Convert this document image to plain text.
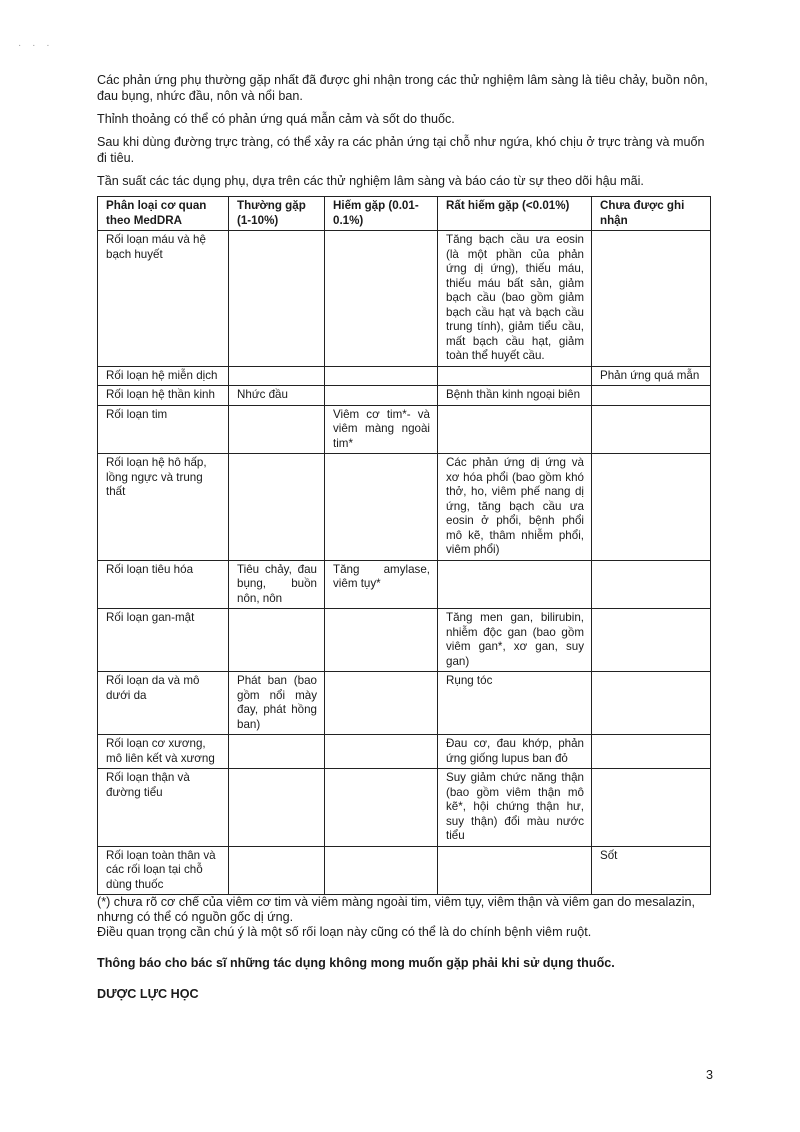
· · ·

Các phản ứng phụ thường gặp nhất đã được ghi nhận trong các thử nghiệm lâm sàng là tiêu chảy, buồn nôn, đau bụng, nhức đầu, nôn và nổi ban.

Thỉnh thoảng có thể có phản ứng quá mẫn cảm và sốt do thuốc.

Sau khi dùng đường trực tràng, có thể xảy ra các phản ứng tại chỗ như ngứa, khó chịu ở trực tràng và muốn đi tiêu.

Tần suất các tác dụng phụ, dựa trên các thử nghiệm lâm sàng và báo cáo từ sự theo dõi hậu mãi.

Phân loại cơ quan theo MedDRA	Thường gặp (1-10%)	Hiếm gặp (0.01-0.1%)	Rất hiếm gặp (<0.01%)	Chưa được ghi nhận
Rối loạn máu và hệ bạch huyết			Tăng bạch cầu ưa eosin (là một phần của phản ứng dị ứng), thiếu máu, thiếu máu bất sản, giảm bạch cầu (bao gồm giảm bạch cầu hạt và bạch cầu trung tính), giảm tiểu cầu, mất bạch cầu hạt, giảm toàn thể huyết cầu.	
Rối loạn hệ miễn dịch				Phản ứng quá mẫn
Rối loạn hệ thần kinh	Nhức đầu		Bệnh thần kinh ngoại biên	
Rối loạn tim		Viêm cơ tim*- và viêm màng ngoài tim*		
Rối loạn hệ hô hấp, lồng ngực và trung thất			Các phản ứng dị ứng và xơ hóa phổi (bao gồm khó thở, ho, viêm phế nang dị ứng, tăng bạch cầu ưa eosin ở phổi, bệnh phổi mô kẽ, thâm nhiễm phổi, viêm phổi)	
Rối loạn tiêu hóa	Tiêu chảy, đau bụng, buồn nôn, nôn	Tăng amylase, viêm tụy*		
Rối loạn gan-mật			Tăng men gan, bilirubin, nhiễm độc gan (bao gồm viêm gan*, xơ gan, suy gan)	
Rối loạn da và mô dưới da	Phát ban (bao gồm nổi mày đay, phát hồng ban)		Rụng tóc	
Rối loạn cơ xương, mô liên kết và xương			Đau cơ, đau khớp, phản ứng giống lupus ban đỏ	
Rối loạn thận và đường tiểu			Suy giảm chức năng thận (bao gồm viêm thận mô kẽ*, hội chứng thận hư, suy thận) đổi màu nước tiểu	
Rối loạn toàn thân và các rối loạn tại chỗ dùng thuốc				Sốt

(*) chưa rõ cơ chế của viêm cơ tim và viêm màng ngoài tim, viêm tụy, viêm thận và viêm gan do mesalazin, nhưng có thể có nguồn gốc dị ứng.

Điều quan trọng cần chú ý là một số rối loạn này cũng có thể là do chính bệnh viêm ruột.

Thông báo cho bác sĩ những tác dụng không mong muốn gặp phải khi sử dụng thuốc.

DƯỢC LỰC HỌC

3
